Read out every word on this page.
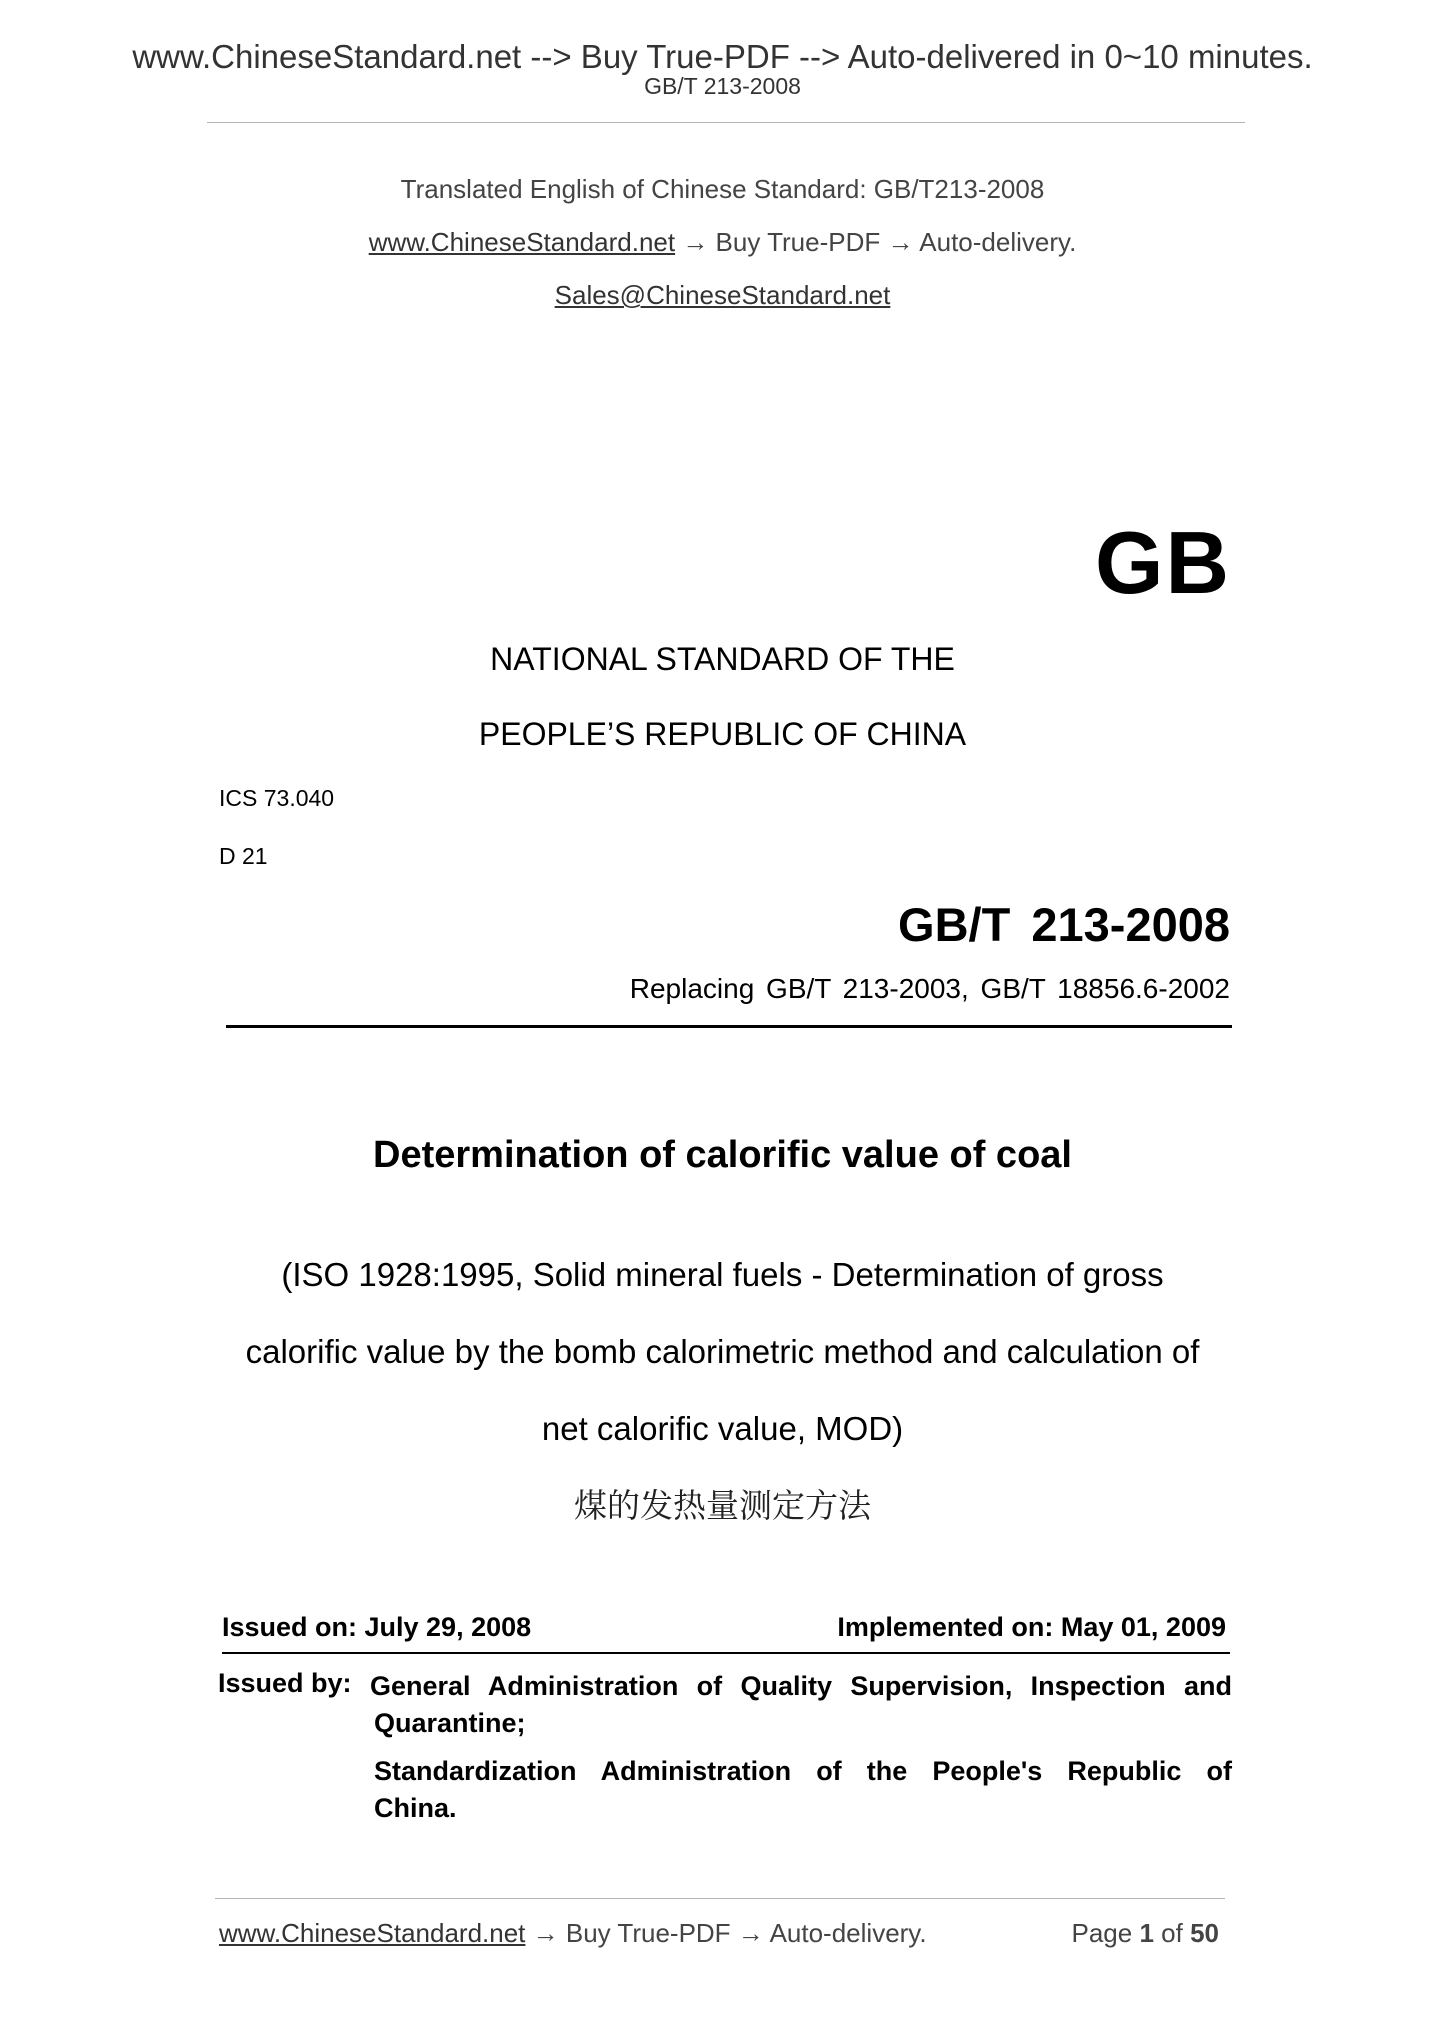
www.ChineseStandard.net --> Buy True-PDF --> Auto-delivered in 0~10 minutes.
GB/T 213-2008
Translated English of Chinese Standard: GB/T213-2008
www.ChineseStandard.net → Buy True-PDF → Auto-delivery.
Sales@ChineseStandard.net
GB
NATIONAL STANDARD OF THE
PEOPLE’S REPUBLIC OF CHINA
ICS 73.040
D 21
GB/T 213-2008
Replacing GB/T 213-2003, GB/T 18856.6-2002
Determination of calorific value of coal
(ISO 1928:1995, Solid mineral fuels - Determination of gross
calorific value by the bomb calorimetric method and calculation of
net calorific value, MOD)
煤的发热量测定方法
Issued on: July 29, 2008	Implemented on: May 01, 2009
Issued by: General Administration of Quality Supervision, Inspection and
Quarantine;
Standardization Administration of the People's Republic of
China.
www.ChineseStandard.net → Buy True-PDF → Auto-delivery.	Page 1 of 50
